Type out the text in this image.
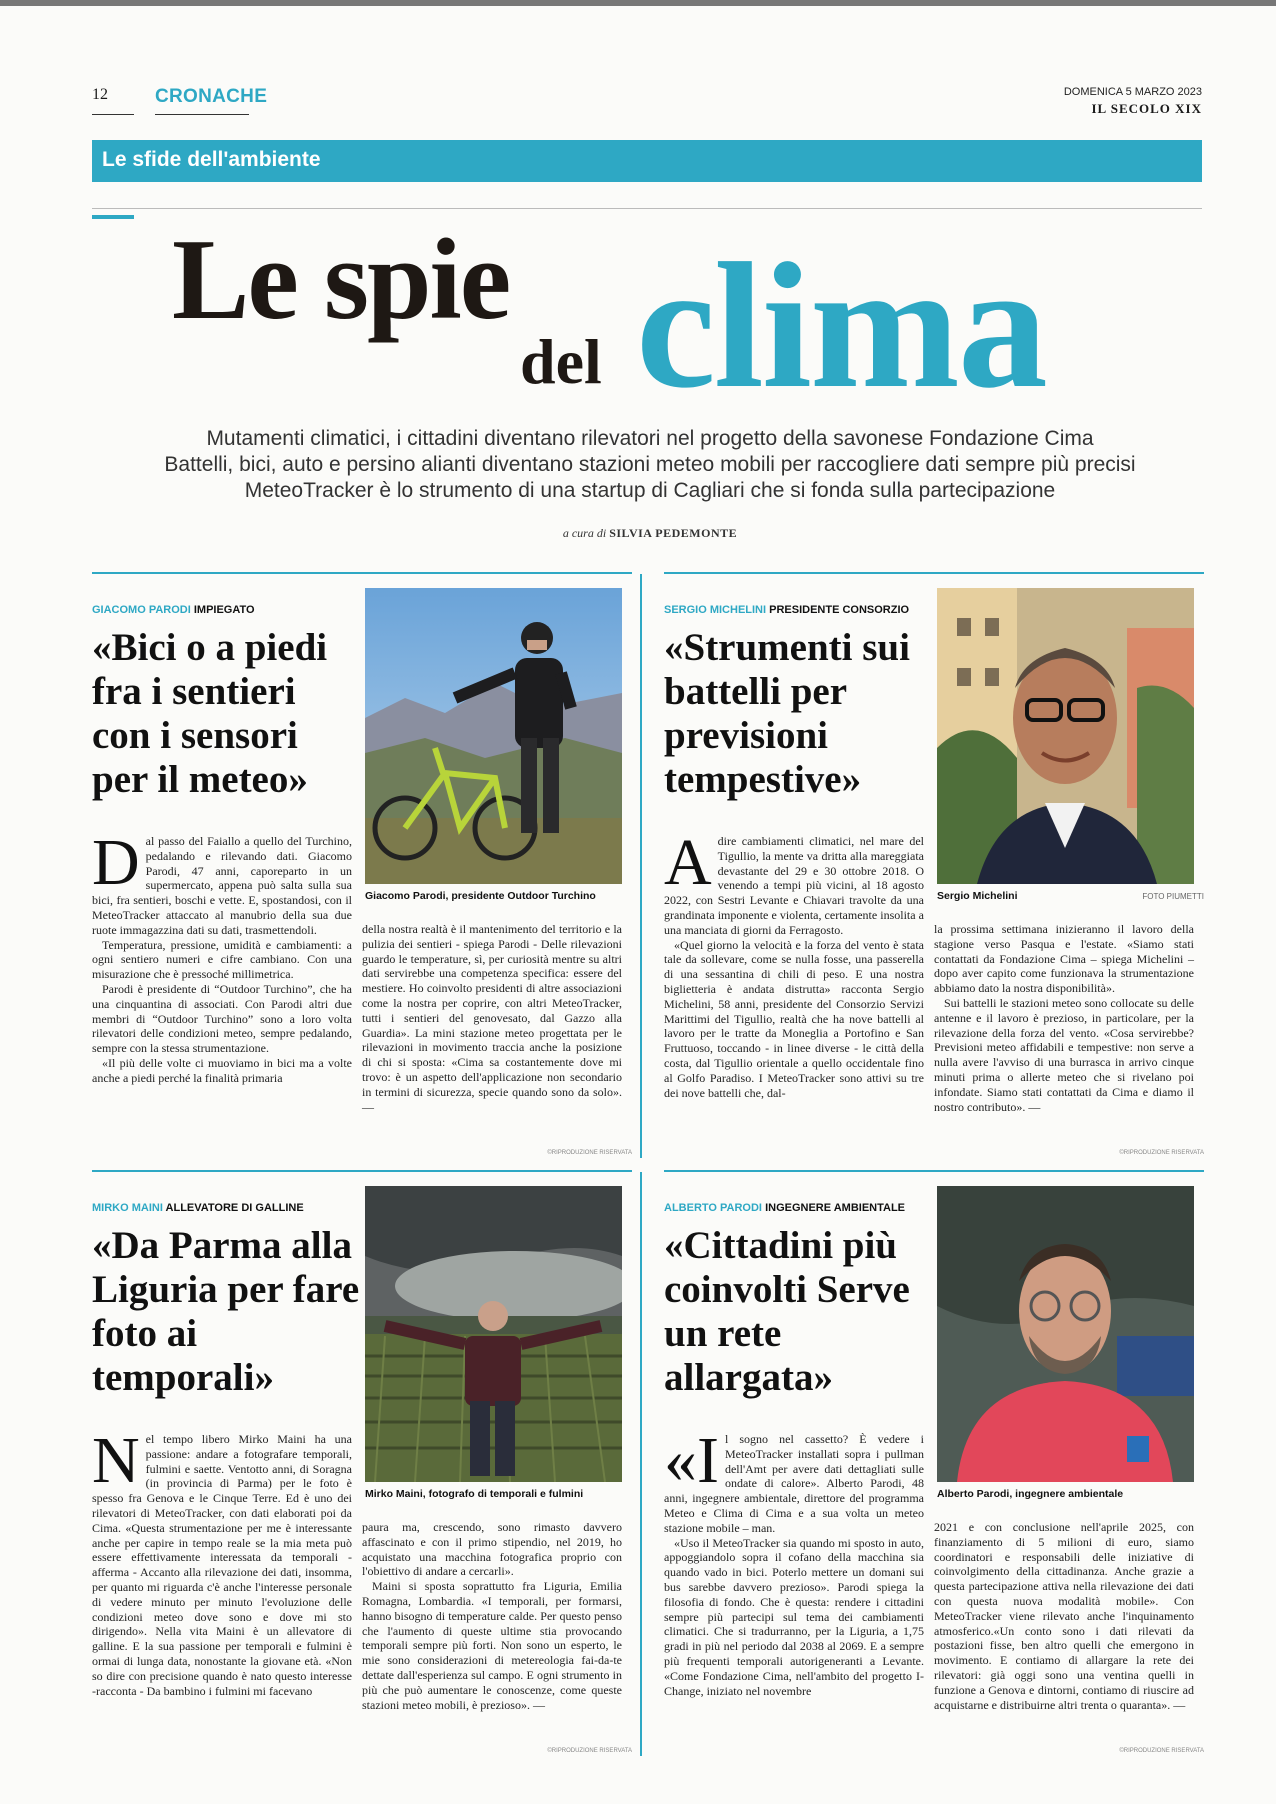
12 CRONACHE	DOMENICA 5 MARZO 2023
IL SECOLO XIX
Le sfide dell'ambiente
Le spie
del clima
Mutamenti climatici, i cittadini diventano rilevatori nel progetto della savonese Fondazione Cima
Battelli, bici, auto e persino alianti diventano stazioni meteo mobili per raccogliere dati sempre più precisi
MeteoTracker è lo strumento di una startup di Cagliari che si fonda sulla partecipazione
a cura di SILVIA PEDEMONTE
GIACOMO PARODI IMPIEGATO
«Bici o a piedi fra i sentieri con i sensori per il meteo»
Giacomo Parodi, presidente Outdoor Turchino

Dal passo del Faiallo a quello del Turchino, pedalando e rilevando dati. Giacomo Parodi, 47 anni, caporeparto in un supermercato, appena può salta sulla sua bici, fra sentieri, boschi e vette. E, spostandosi, con il MeteoTracker attaccato al manubrio della sua due ruote immagazzina dati su dati, trasmettendoli.

Temperatura, pressione, umidità e cambiamenti: a ogni sentiero numeri e cifre cambiano. Con una misurazione che è pressoché millimetrica.

Parodi è presidente di “Outdoor Turchino”, che ha una cinquantina di associati. Con Parodi altri due membri di “Outdoor Turchino” sono a loro volta rilevatori delle condizioni meteo, sempre pedalando, sempre con la stessa strumentazione.

«Il più delle volte ci muoviamo in bici ma a volte anche a piedi perché la finalità primaria

della nostra realtà è il mantenimento del territorio e la pulizia dei sentieri - spiega Parodi - Delle rilevazioni guardo le temperature, sì, per curiosità mentre su altri dati servirebbe una competenza specifica: essere del mestiere. Ho coinvolto presidenti di altre associazioni come la nostra per coprire, con altri MeteoTracker, tutti i sentieri del genovesato, dal Gazzo alla Guardia». La mini stazione meteo progettata per le rilevazioni in movimento traccia anche la posizione di chi si sposta: «Cima sa costantemente dove mi trovo: è un aspetto dell'applicazione non secondario in termini di sicurezza, specie quando sono da solo». —

©RIPRODUZIONE RISERVATA
SERGIO MICHELINI PRESIDENTE CONSORZIO
«Strumenti sui battelli per previsioni tempestive»
Sergio Michelini	FOTO PIUMETTI

Adire cambiamenti climatici, nel mare del Tigullio, la mente va dritta alla mareggiata devastante del 29 e 30 ottobre 2018. O venendo a tempi più vicini, al 18 agosto 2022, con Sestri Levante e Chiavari travolte da una grandinata imponente e violenta, certamente insolita a una manciata di giorni da Ferragosto.

«Quel giorno la velocità e la forza del vento è stata tale da sollevare, come se nulla fosse, una passerella di una sessantina di chili di peso. E una nostra biglietteria è andata distrutta» racconta Sergio Michelini, 58 anni, presidente del Consorzio Servizi Marittimi del Tigullio, realtà che ha nove battelli al lavoro per le tratte da Moneglia a Portofino e San Fruttuoso, toccando - in linee diverse - le città della costa, dal Tigullio orientale a quello occidentale fino al Golfo Paradiso. I MeteoTracker sono attivi su tre dei nove battelli che, dal-

la prossima settimana inizieranno il lavoro della stagione verso Pasqua e l'estate. «Siamo stati contattati da Fondazione Cima – spiega Michelini – dopo aver capito come funzionava la strumentazione abbiamo dato la nostra disponibilità».

Sui battelli le stazioni meteo sono collocate su delle antenne e il lavoro è prezioso, in particolare, per la rilevazione della forza del vento. «Cosa servirebbe? Previsioni meteo affidabili e tempestive: non serve a nulla avere l'avviso di una burrasca in arrivo cinque minuti prima o allerte meteo che si rivelano poi infondate. Siamo stati contattati da Cima e diamo il nostro contributo». —

©RIPRODUZIONE RISERVATA
MIRKO MAINI ALLEVATORE DI GALLINE
«Da Parma alla Liguria per fare foto ai temporali»
Mirko Maini, fotografo di temporali e fulmini

Nel tempo libero Mirko Maini ha una passione: andare a fotografare temporali, fulmini e saette. Ventotto anni, di Soragna (in provincia di Parma) per le foto è spesso fra Genova e le Cinque Terre. Ed è uno dei rilevatori di MeteoTracker, con dati elaborati poi da Cima. «Questa strumentazione per me è interessante anche per capire in tempo reale se la mia meta può essere effettivamente interessata da temporali - afferma - Accanto alla rilevazione dei dati, insomma, per quanto mi riguarda c'è anche l'interesse personale di vedere minuto per minuto l'evoluzione delle condizioni meteo dove sono e dove mi sto dirigendo». Nella vita Maini è un allevatore di galline. E la sua passione per temporali e fulmini è ormai di lunga data, nonostante la giovane età. «Non so dire con precisione quando è nato questo interesse -racconta - Da bambino i fulmini mi facevano

paura ma, crescendo, sono rimasto davvero affascinato e con il primo stipendio, nel 2019, ho acquistato una macchina fotografica proprio con l'obiettivo di andare a cercarli».

Maini si sposta soprattutto fra Liguria, Emilia Romagna, Lombardia. «I temporali, per formarsi, hanno bisogno di temperature calde. Per questo penso che l'aumento di queste ultime stia provocando temporali sempre più forti. Non sono un esperto, le mie sono considerazioni di metereologia fai-da-te dettate dall'esperienza sul campo. E ogni strumento in più che può aumentare le conoscenze, come queste stazioni meteo mobili, è prezioso». —

©RIPRODUZIONE RISERVATA
ALBERTO PARODI INGEGNERE AMBIENTALE
«Cittadini più coinvolti Serve un rete allargata»
Alberto Parodi, ingegnere ambientale

«Il sogno nel cassetto? È vedere i MeteoTracker installati sopra i pullman dell'Amt per avere dati dettagliati sulle ondate di calore». Alberto Parodi, 48 anni, ingegnere ambientale, direttore del programma Meteo e Clima di Cima e a sua volta un meteo stazione mobile – man.

«Uso il MeteoTracker sia quando mi sposto in auto, appoggiandolo sopra il cofano della macchina sia quando vado in bici. Poterlo mettere un domani sui bus sarebbe davvero prezioso». Parodi spiega la filosofia di fondo. Che è questa: rendere i cittadini sempre più partecipi sul tema dei cambiamenti climatici. Che si tradurranno, per la Liguria, a 1,75 gradi in più nel periodo dal 2038 al 2069. E a sempre più frequenti temporali autorigeneranti a Levante. «Come Fondazione Cima, nell'ambito del progetto I- Change, iniziato nel novembre

2021 e con conclusione nell'aprile 2025, con finanziamento di 5 milioni di euro, siamo coordinatori e responsabili delle iniziative di coinvolgimento della cittadinanza. Anche grazie a questa partecipazione attiva nella rilevazione dei dati con questa nuova modalità mobile». Con MeteoTracker viene rilevato anche l'inquinamento atmosferico.«Un conto sono i dati rilevati da postazioni fisse, ben altro quelli che emergono in movimento. E contiamo di allargare la rete dei rilevatori: già oggi sono una ventina quelli in funzione a Genova e dintorni, contiamo di riuscire ad acquistarne e distribuirne altri trenta o quaranta». —

©RIPRODUZIONE RISERVATA
